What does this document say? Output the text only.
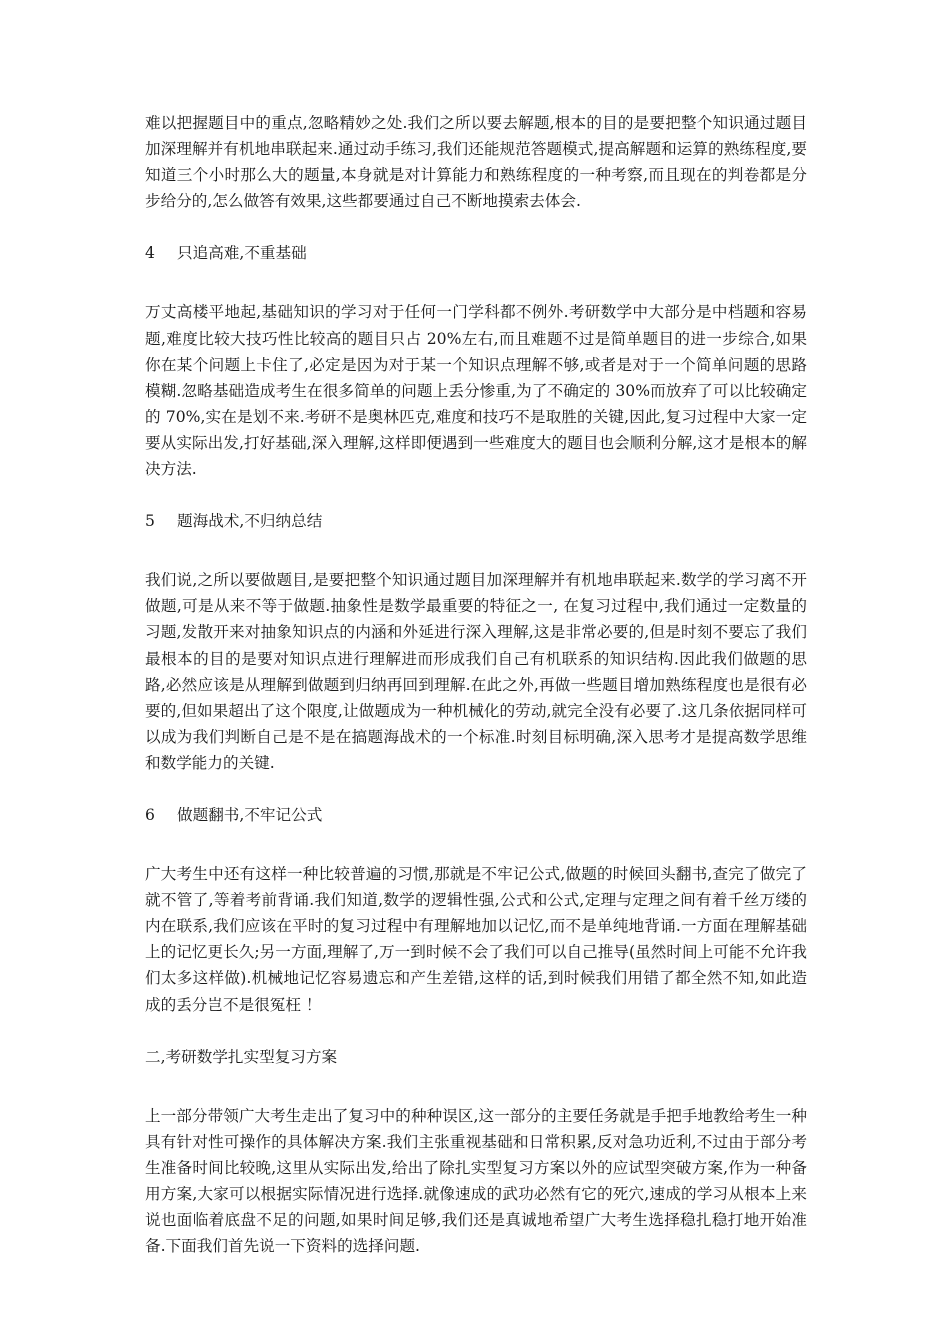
难以把握题目中的重点,忽略精妙之处.我们之所以要去解题,根本的目的是要把整个知识通过题目加深理解并有机地串联起来.通过动手练习,我们还能规范答题模式,提高解题和运算的熟练程度,要知道三个小时那么大的题量,本身就是对计算能力和熟练程度的一种考察,而且现在的判卷都是分步给分的,怎么做答有效果,这些都要通过自己不断地摸索去体会.

4 只追高难,不重基础

万丈高楼平地起,基础知识的学习对于任何一门学科都不例外.考研数学中大部分是中档题和容易题,难度比较大技巧性比较高的题目只占 20%左右,而且难题不过是简单题目的进一步综合,如果你在某个问题上卡住了,必定是因为对于某一个知识点理解不够,或者是对于一个简单问题的思路模糊.忽略基础造成考生在很多简单的问题上丢分惨重,为了不确定的 30%而放弃了可以比较确定的 70%,实在是划不来.考研不是奥林匹克,难度和技巧不是取胜的关键,因此,复习过程中大家一定要从实际出发,打好基础,深入理解,这样即便遇到一些难度大的题目也会顺利分解,这才是根本的解决方法.

5 题海战术,不归纳总结

我们说,之所以要做题目,是要把整个知识通过题目加深理解并有机地串联起来.数学的学习离不开做题,可是从来不等于做题.抽象性是数学最重要的特征之一, 在复习过程中,我们通过一定数量的习题,发散开来对抽象知识点的内涵和外延进行深入理解,这是非常必要的,但是时刻不要忘了我们最根本的目的是要对知识点进行理解进而形成我们自己有机联系的知识结构.因此我们做题的思路,必然应该是从理解到做题到归纳再回到理解.在此之外,再做一些题目增加熟练程度也是很有必要的,但如果超出了这个限度,让做题成为一种机械化的劳动,就完全没有必要了.这几条依据同样可以成为我们判断自己是不是在搞题海战术的一个标准.时刻目标明确,深入思考才是提高数学思维和数学能力的关键.

6 做题翻书,不牢记公式

广大考生中还有这样一种比较普遍的习惯,那就是不牢记公式,做题的时候回头翻书,查完了做完了就不管了,等着考前背诵.我们知道,数学的逻辑性强,公式和公式,定理与定理之间有着千丝万缕的内在联系,我们应该在平时的复习过程中有理解地加以记忆,而不是单纯地背诵.一方面在理解基础上的记忆更长久;另一方面,理解了,万一到时候不会了我们可以自己推导(虽然时间上可能不允许我们太多这样做).机械地记忆容易遗忘和产生差错,这样的话,到时候我们用错了都全然不知,如此造成的丢分岂不是很冤枉 ！

二,考研数学扎实型复习方案

上一部分带领广大考生走出了复习中的种种误区,这一部分的主要任务就是手把手地教给考生一种具有针对性可操作的具体解决方案.我们主张重视基础和日常积累,反对急功近利,不过由于部分考生准备时间比较晚,这里从实际出发,给出了除扎实型复习方案以外的应试型突破方案,作为一种备用方案,大家可以根据实际情况进行选择.就像速成的武功必然有它的死穴,速成的学习从根本上来说也面临着底盘不足的问题,如果时间足够,我们还是真诚地希望广大考生选择稳扎稳打地开始准备.下面我们首先说一下资料的选择问题.
